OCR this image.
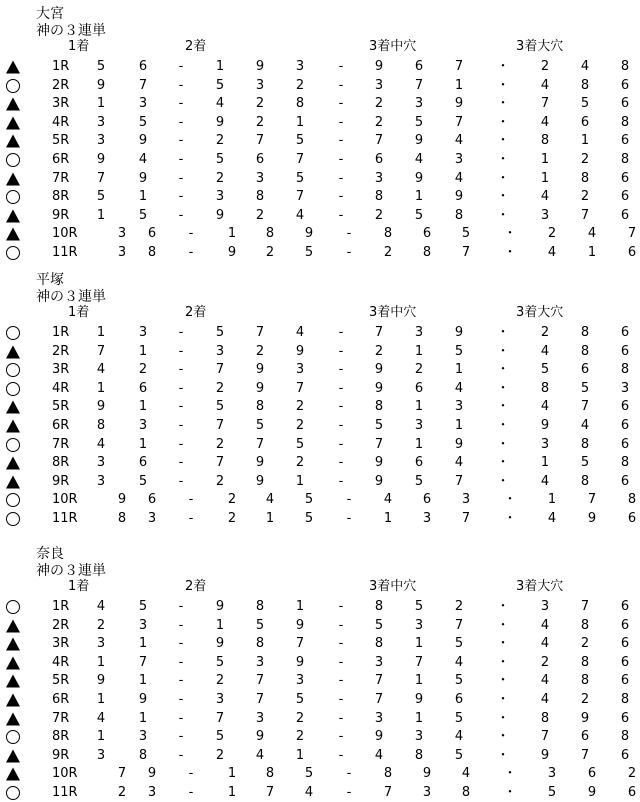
大宮
神の３連単
1着	2着	3着中穴	3着大穴
1R 5	6 -	1 9 3	- 9 6 7	・ 2 4 8
2R 9	7 -	5 3 2	- 3 7 1	・ 4 8 6
3R 1	3 -	4 2 8	- 2 3 9	・ 7 5 6
4R 3	5 -	9 2 1	- 2 5 7	・ 4 6 8
5R 3	9 -	2 7 5	- 7 9 4	・ 8 1 6
6R 9	4 -	5 6 7	- 6 4 3	・ 1 2 8
7R 7	9 -	2 3 5	- 3 9 4	・ 1 8 6
8R 5	1 -	3 8 7	- 8 1 9	・ 4 2 6
9R 1	5 -	9 2 4	- 2 5 8	・ 3 7 6
10R	3 6	-	1 8 9	-	8 6 5	・ 2 4 7
11R	3 8	-	9 2 5	-	2 8 7	・ 4 1 6
平塚
神の３連単
1着	2着	3着中穴	3着大穴
1R 1	3 -	5 7 4	- 7 3 9	・ 2 8 6
2R 7	1 -	3 2 9	- 2 1 5	・ 4 8 6
3R 4	2 -	7 9 3	- 9 2 1	・ 5 6 8
4R 1	6 -	2 9 7	- 9 6 4	・ 8 5 3
5R 9	1 -	5 8 2	- 8 1 3	・ 4 7 6
6R 8	3 -	7 5 2	- 5 3 1	・ 9 4 6
7R 4	1 -	2 7 5	- 7 1 9	・ 3 8 6
8R 3	6 -	7 9 2	- 9 6 4	・ 1 5 8
9R 3	5 -	2 9 1	- 9 5 7	・ 4 8 6
10R	9 6	-	2 4 5	-	4 6 3	・ 1 7 8
11R	8 3	-	2 1 5	-	1 3 7	・ 4 9 6
奈良
神の３連単
1着	2着	3着中穴	3着大穴
1R 4	5 -	9 8 1	- 8 5 2	・ 3 7 6
2R 2	3 -	1 5 9	- 5 3 7	・ 4 8 6
3R 3	1 -	9 8 7	- 8 1 5	・ 4 2 6
4R 1	7 -	5 3 9	- 3 7 4	・ 2 8 6
5R 9	1 -	2 7 3	- 7 1 5	・ 4 8 6
6R 1	9 -	3 7 5	- 7 9 6	・ 4 2 8
7R 4	1 -	7 3 2	- 3 1 5	・ 8 9 6
8R 1	3 -	5 9 2	- 9 3 4	・ 7 6 8
9R 3	8 -	2 4 1	- 4 8 5	・ 9 7 6
10R	7 9	-	1 8 5	-	8 9 4	・ 3 6 2
11R	2 3	-	1 7 4	-	7 3 8	・ 5 9 6
